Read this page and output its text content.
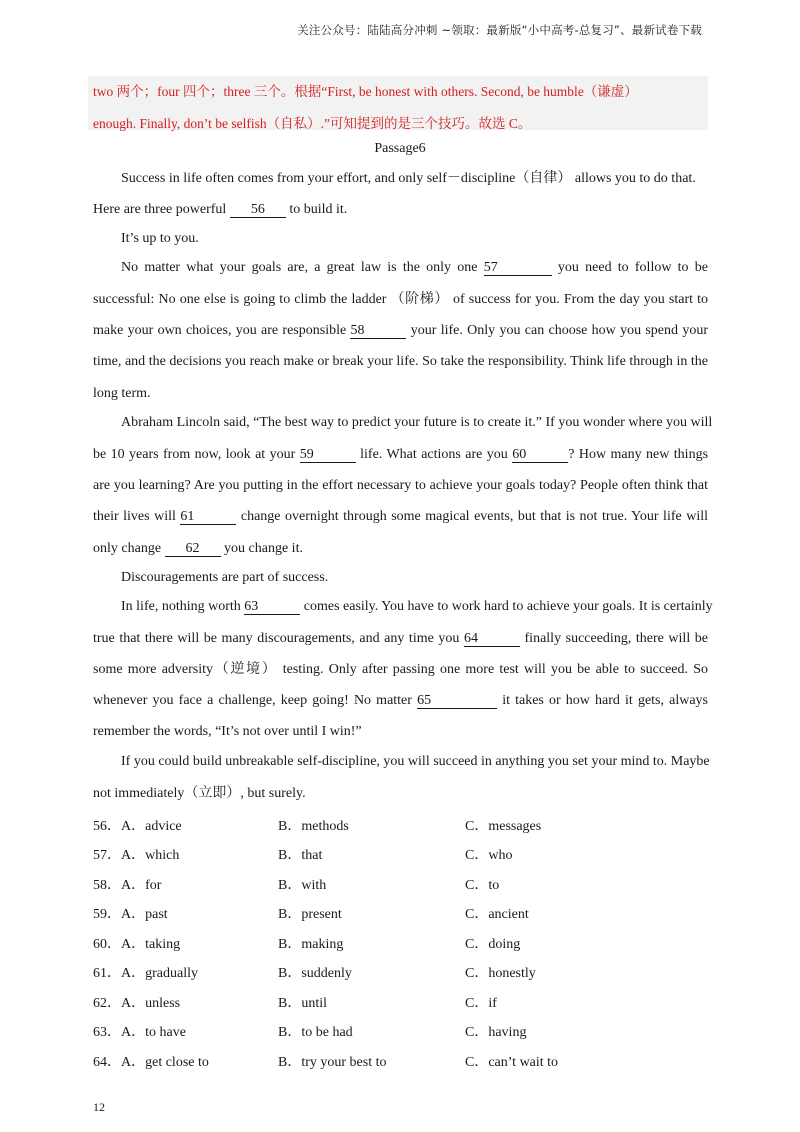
关注公众号：陆陆高分冲刺 ~领取：最新版“小中高考-总复习”、最新试卷下载
two 两个；four 四个；three 三个。根据“First, be honest with others. Second, be humble（谦虚）
enough. Finally, don’t be selfish（自私）.”可知提到的是三个技巧。故选 C。
Passage6
Success in life often comes from your effort, and only self－discipline（自律） allows you to do that.
Here are three powerful 56 to build it.
It’s up to you.
No matter what your goals are, a great law is the only one 57	you need to follow to be
successful: No one else is going to climb the ladder （阶梯） of success for you. From the day you start to
make your own choices, you are responsible 58	your life. Only you can choose how you spend your
time, and the decisions you reach make or break your life. So take the responsibility. Think life through in the
long term.
Abraham Lincoln said, “The best way to predict your future is to create it.” If you wonder where you will
be 10 years from now, look at your 59	life. What actions are you 60	? How many new things
are you learning? Are you putting in the effort necessary to achieve your goals today? People often think that
their lives will 61	change overnight through some magical events, but that is not true. Your life will
only change 62 you change it.
Discouragements are part of success.
In life, nothing worth 63	comes easily. You have to work hard to achieve your goals. It is certainly
true that there will be many discouragements, and any time you 64	finally succeeding, there will be
some more adversity（逆境） testing. Only after passing one more test will you be able to succeed. So
whenever you face a challenge, keep going! No matter 65	it takes or how hard it gets, always
remember the words, “It’s not over until I win!”
If you could build unbreakable self-discipline, you will succeed in anything you set your mind to. Maybe
not immediately（立即）, but surely.
56．A．advice	B．methods	C．messages
57．A．which	B．that	C．who
58．A．for	B．with	C．to
59．A．past	B．present	C．ancient
60．A．taking	B．making	C．doing
61．A．gradually	B．suddenly	C．honestly
62．A．unless	B．until	C．if
63．A．to have	B．to be had	C．having
64．A．get close to	B．try your best to	C．can’t wait to
12
